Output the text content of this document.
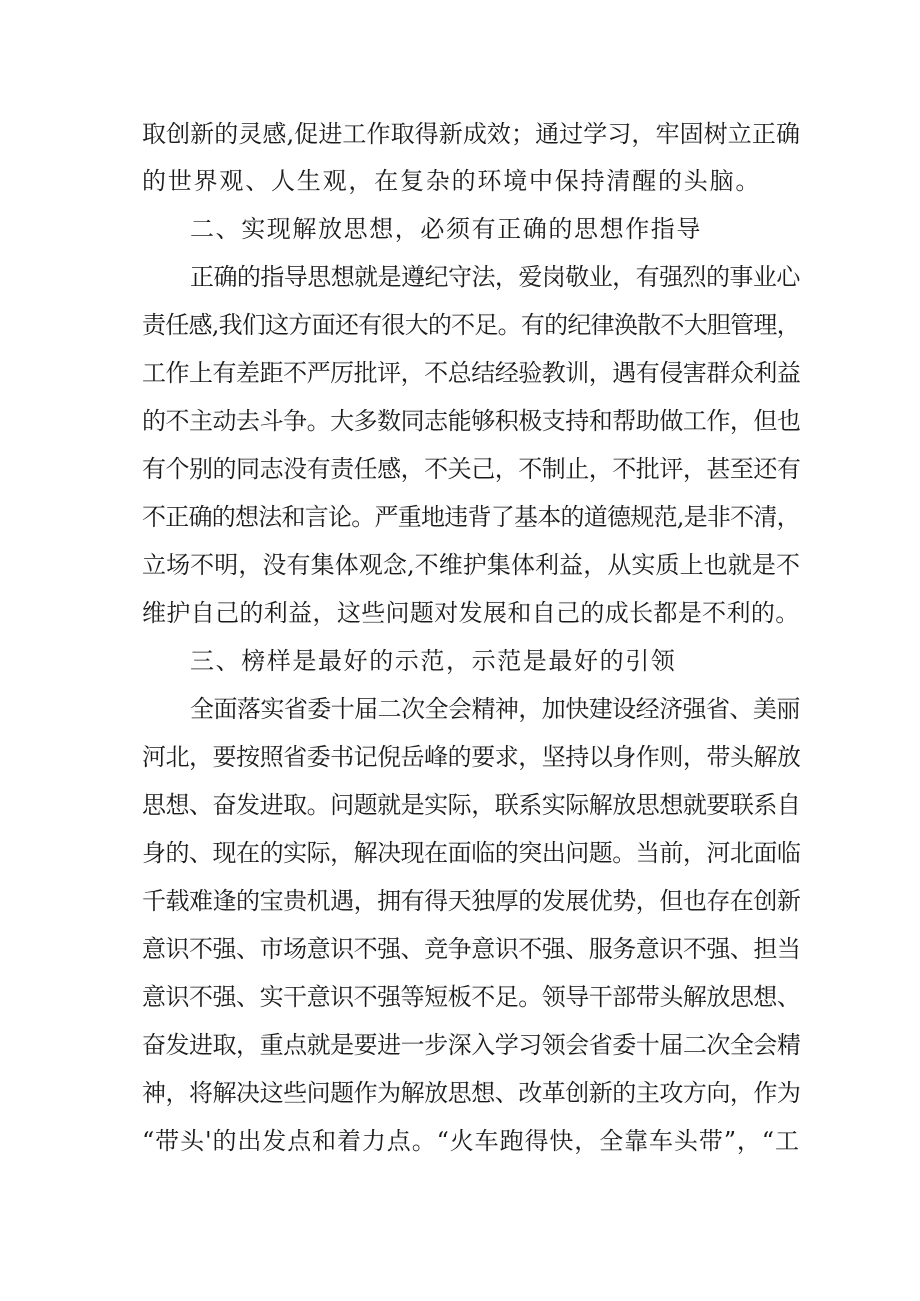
取创新的灵感,促进工作取得新成效；通过学习，牢固树立正确
的世界观、人生观，在复杂的环境中保持清醒的头脑。
二、实现解放思想，必须有正确的思想作指导
正确的指导思想就是遵纪守法，爱岗敬业，有强烈的事业心
责任感,我们这方面还有很大的不足。有的纪律涣散不大胆管理，
工作上有差距不严厉批评，不总结经验教训，遇有侵害群众利益
的不主动去斗争。大多数同志能够积极支持和帮助做工作，但也
有个别的同志没有责任感，不关己，不制止，不批评，甚至还有
不正确的想法和言论。严重地违背了基本的道德规范,是非不清，
立场不明，没有集体观念,不维护集体利益，从实质上也就是不
维护自己的利益，这些问题对发展和自己的成长都是不利的。
三、榜样是最好的示范，示范是最好的引领
全面落实省委十届二次全会精神，加快建设经济强省、美丽
河北，要按照省委书记倪岳峰的要求，坚持以身作则，带头解放
思想、奋发进取。问题就是实际，联系实际解放思想就要联系自
身的、现在的实际，解决现在面临的突出问题。当前，河北面临
千载难逢的宝贵机遇，拥有得天独厚的发展优势，但也存在创新
意识不强、市场意识不强、竞争意识不强、服务意识不强、担当
意识不强、实干意识不强等短板不足。领导干部带头解放思想、
奋发进取，重点就是要进一步深入学习领会省委十届二次全会精
神，将解决这些问题作为解放思想、改革创新的主攻方向，作为
“带头'的出发点和着力点。“火车跑得快，全靠车头带”，“工
